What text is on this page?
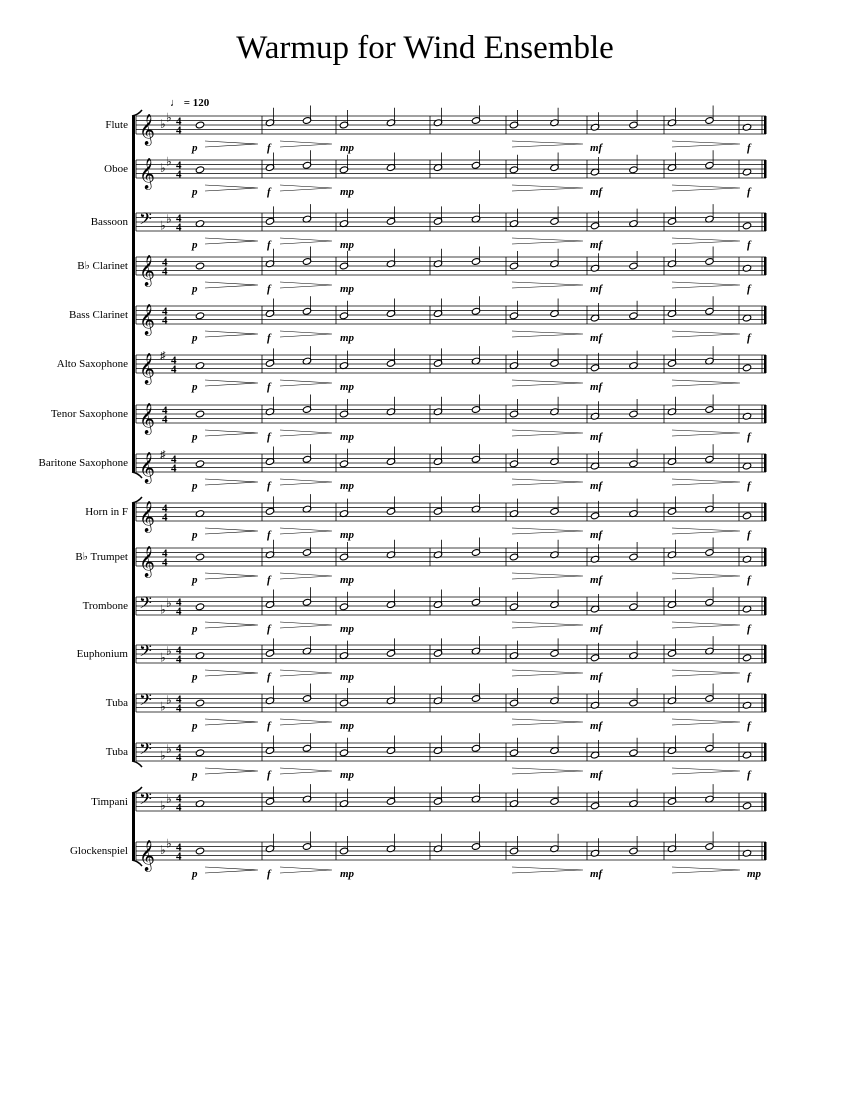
Warmup for Wind Ensemble
♩ = 120
Flute
Oboe
Bassoon
B♭ Clarinet
Bass Clarinet
Alto Saxophone
Tenor Saxophone
Baritone Saxophone
Horn in F
B♭ Trumpet
Trombone
Euphonium
Tuba
Tuba
Timpani
Glockenspiel
𝄞 ♭ ♭ 4
4
p	f	mp	mf	f
𝄞 ♭ ♭ 4
4
p	f	mp	mf	f
𝄢 ♭ ♭ 4
4
p	f	mp	mf	f
𝄞 4
4
p	f	mp	mf	f
𝄞 4
4
p	f	mp	mf	f
𝄞 ♯ 4
4
p	f	mp	mf
𝄞 4
4
p	f	mp	mf	f
𝄞 ♯ 4
4
p	f	mp	mf	f
𝄞 4
4
p	f	mp	mf	f
𝄞 4
4
p	f	mp	mf	f
𝄢 ♭ ♭ 4
4
p	f	mp	mf	f
𝄢 ♭ ♭ 4
4
p	f	mp	mf	f
𝄢 ♭ ♭ 4
4
p	f	mp	mf	f
𝄢 ♭ ♭ 4
4
p	f	mp	mf	f
𝄢 ♭ ♭ 4
4
𝄞 ♭ ♭ 4
4
p	f	mp	mf	mp
